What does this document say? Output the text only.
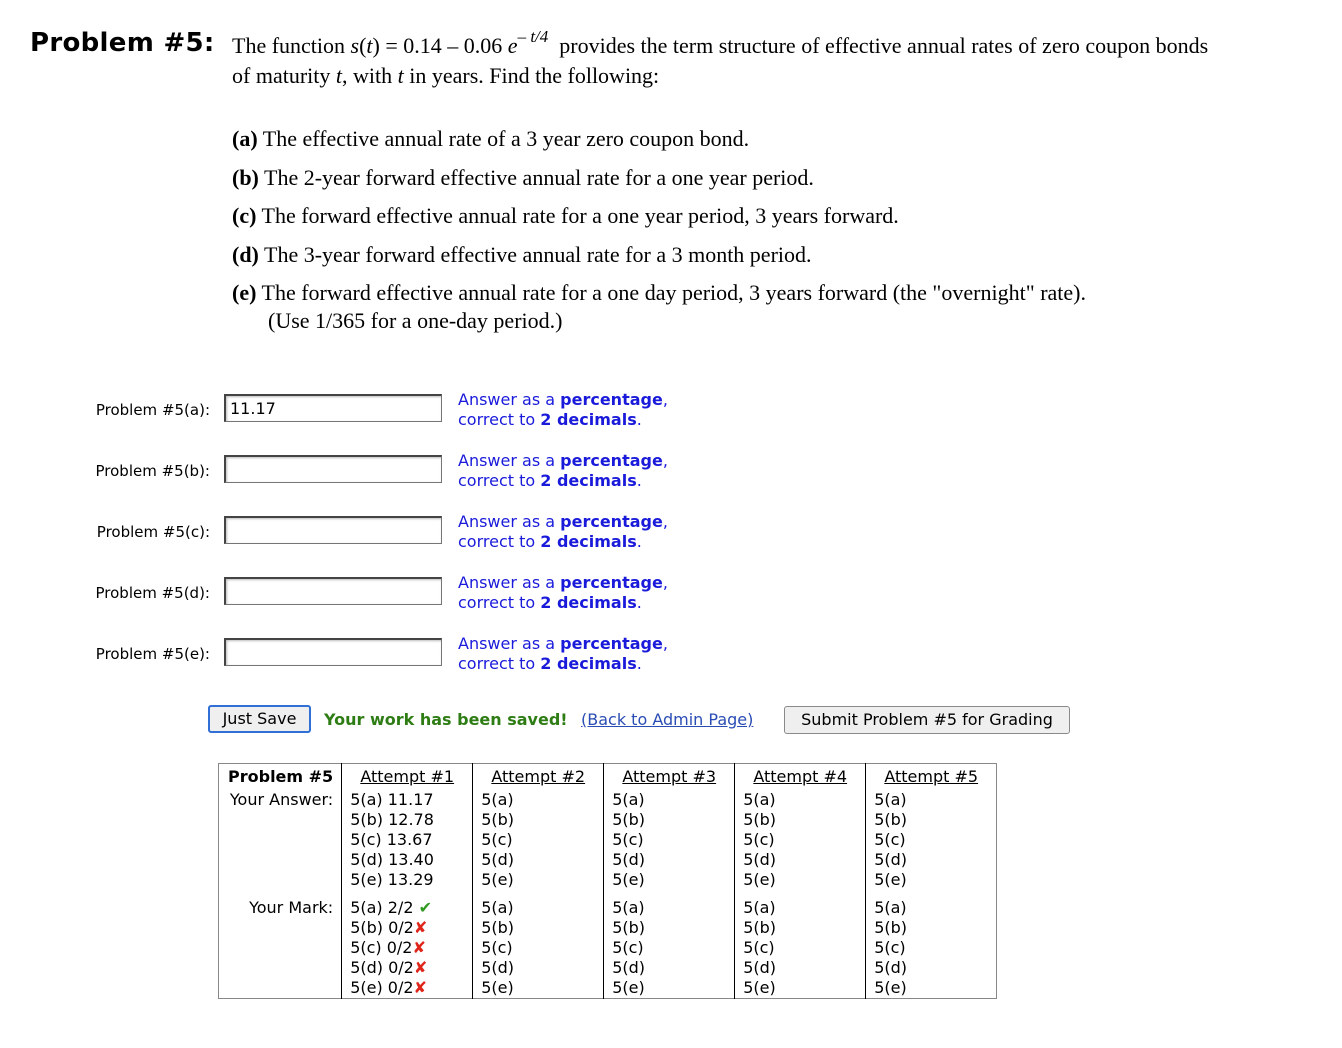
Problem #5: The function s(t) = 0.14 – 0.06 $e^{- t/4}$ provides the term structure of effective annual rates of zero coupon bonds
of maturity t, with t in years. Find the following:
(a) The effective annual rate of a 3 year zero coupon bond.
(b) The 2-year forward effective annual rate for a one year period.
(c) The forward effective annual rate for a one year period, 3 years forward.
(d) The 3-year forward effective annual rate for a 3 month period.
(e) The forward effective annual rate for a one day period, 3 years forward (the "overnight" rate).
(Use 1/365 for a one-day period.)
Problem #5(a):
11.17
Answer as a percentage,
correct to 2 decimals.
Problem #5(b):
Answer as a percentage,
correct to 2 decimals.
Problem #5(c):
Answer as a percentage,
correct to 2 decimals.
Problem #5(d):
Answer as a percentage,
correct to 2 decimals.
Problem #5(e):
Answer as a percentage,
correct to 2 decimals.
Just Save	Your work has been saved! (Back to Admin Page)	Submit Problem #5 for Grading
Problem #5	Attempt #1	Attempt #2	Attempt #3	Attempt #4	Attempt #5
Your Answer:	5(a) 11.17
5(b) 12.78
5(c) 13.67
5(d) 13.40
5(e) 13.29	5(a)
5(b)
5(c)
5(d)
5(e)	5(a)
5(b)
5(c)
5(d)
5(e)	5(a)
5(b)
5(c)
5(d)
5(e)	5(a)
5(b)
5(c)
5(d)
5(e)

Your Mark:	5(a) 2/2 ✔
5(b) 0/2✘
5(c) 0/2✘
5(d) 0/2✘
5(e) 0/2✘	5(a)
5(b)
5(c)
5(d)
5(e)	5(a)
5(b)
5(c)
5(d)
5(e)	5(a)
5(b)
5(c)
5(d)
5(e)	5(a)
5(b)
5(c)
5(d)
5(e)
